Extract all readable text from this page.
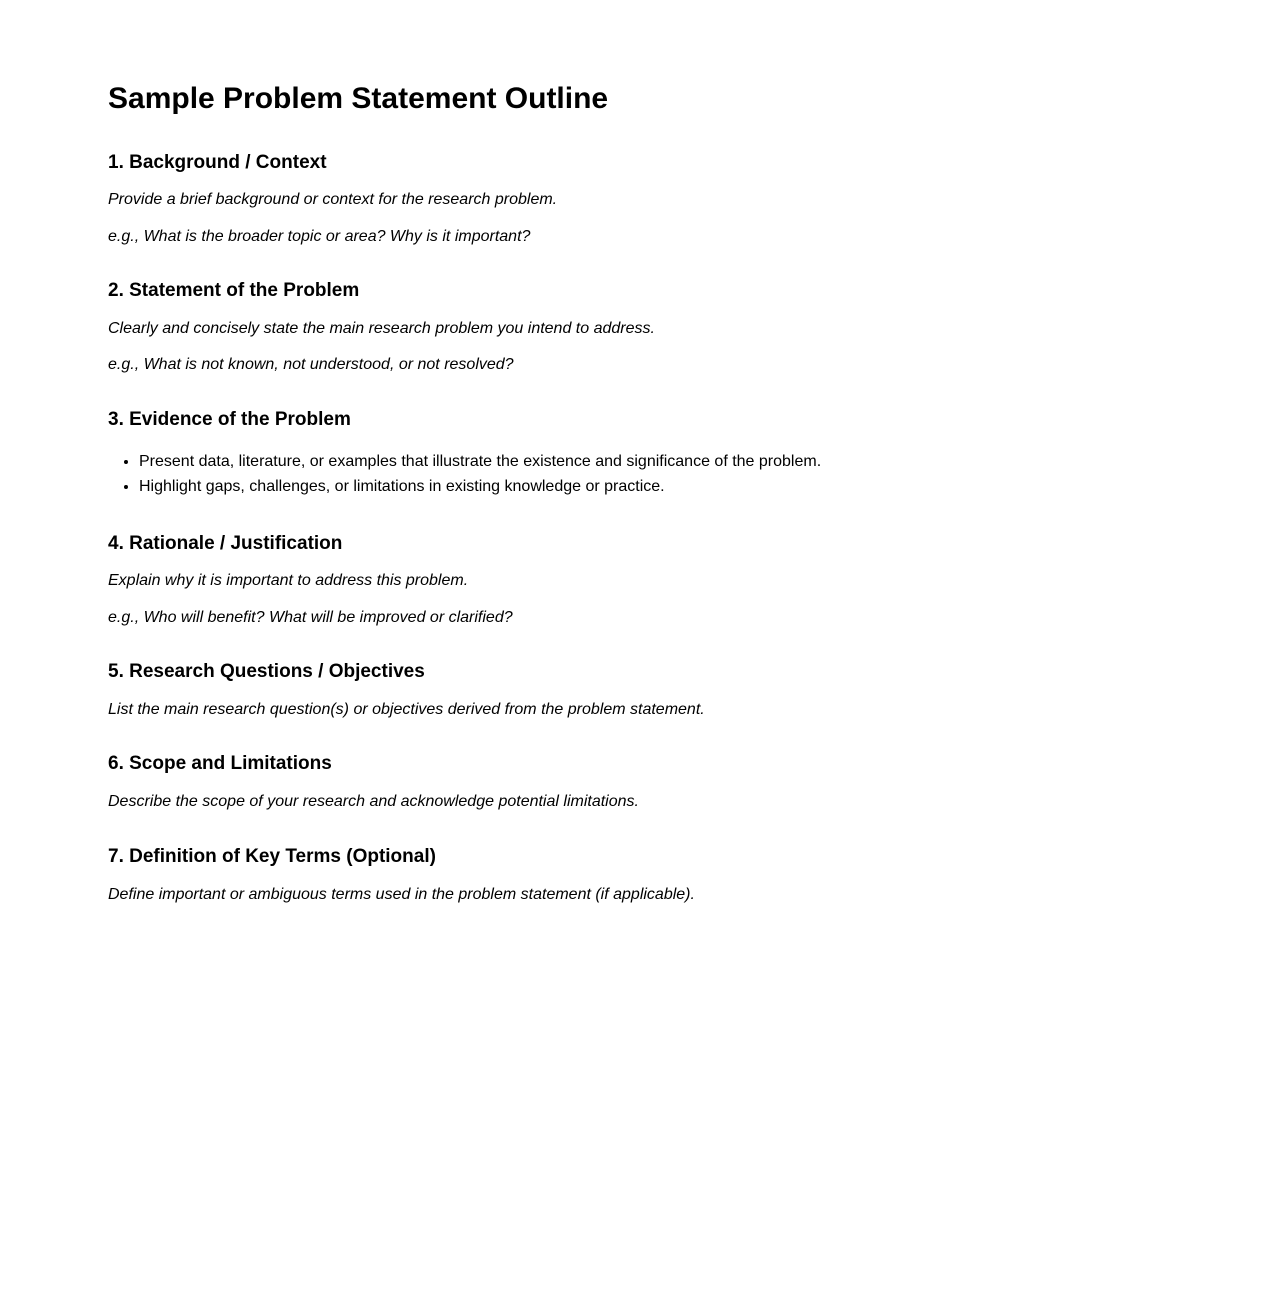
Sample Problem Statement Outline
1. Background / Context

Provide a brief background or context for the research problem.

e.g., What is the broader topic or area? Why is it important?

2. Statement of the Problem

Clearly and concisely state the main research problem you intend to address.

e.g., What is not known, not understood, or not resolved?

3. Evidence of the Problem
• Present data, literature, or examples that illustrate the existence and significance of the problem.
• Highlight gaps, challenges, or limitations in existing knowledge or practice.
4. Rationale / Justification

Explain why it is important to address this problem.

e.g., Who will benefit? What will be improved or clarified?

5. Research Questions / Objectives

List the main research question(s) or objectives derived from the problem statement.

6. Scope and Limitations

Describe the scope of your research and acknowledge potential limitations.

7. Definition of Key Terms (Optional)

Define important or ambiguous terms used in the problem statement (if applicable).
